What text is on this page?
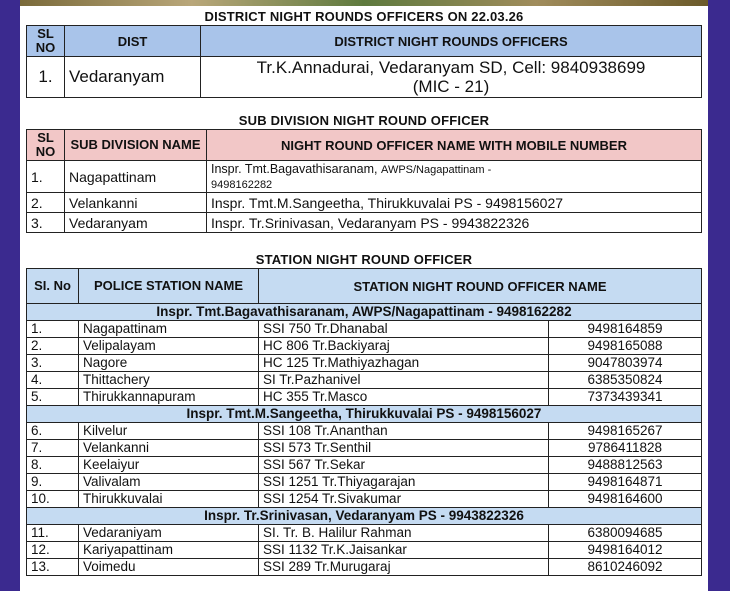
DISTRICT NIGHT ROUNDS OFFICERS ON 22.03.26
SL NO	DIST	DISTRICT NIGHT ROUNDS OFFICERS
1.	Vedaranyam	Tr.K.Annadurai, Vedaranyam SD, Cell: 9840938699 (MIC - 21)
SUB DIVISION NIGHT ROUND OFFICER
SL NO	SUB DIVISION NAME	NIGHT ROUND OFFICER NAME WITH MOBILE NUMBER
1.	Nagapattinam	Inspr. Tmt.Bagavathisaranam, AWPS/Nagapattinam -
9498162282
2.	Velankanni	Inspr. Tmt.M.Sangeetha, Thirukkuvalai PS - 9498156027
3.	Vedaranyam	Inspr. Tr.Srinivasan, Vedaranyam PS - 9943822326
STATION NIGHT ROUND OFFICER
SI. No	POLICE STATION NAME	STATION NIGHT ROUND OFFICER NAME	
Inspr. Tmt.Bagavathisaranam, AWPS/Nagapattinam - 9498162282			
1.	Nagapattinam	SSI 750 Tr.Dhanabal	9498164859
2.	Velipalayam	HC 806 Tr.Backiyaraj	9498165088
3.	Nagore	HC 125 Tr.Mathiyazhagan	9047803974
4.	Thittachery	SI Tr.Pazhanivel	6385350824
5.	Thirukkannapuram	HC 355 Tr.Masco	7373439341
Inspr. Tmt.M.Sangeetha, Thirukkuvalai PS - 9498156027			
6.	Kilvelur	SSI 108 Tr.Ananthan	9498165267
7.	Velankanni	SSI 573 Tr.Senthil	9786411828
8.	Keelaiyur	SSI 567 Tr.Sekar	9488812563
9.	Valivalam	SSI 1251 Tr.Thiyagarajan	9498164871
10.	Thirukkuvalai	SSI 1254 Tr.Sivakumar	9498164600
Inspr. Tr.Srinivasan, Vedaranyam PS - 9943822326			
11.	Vedaraniyam	SI. Tr. B. Halilur Rahman	6380094685
12.	Kariyapattinam	SSI 1132 Tr.K.Jaisankar	9498164012
13.	Voimedu	SSI 289 Tr.Murugaraj	8610246092
